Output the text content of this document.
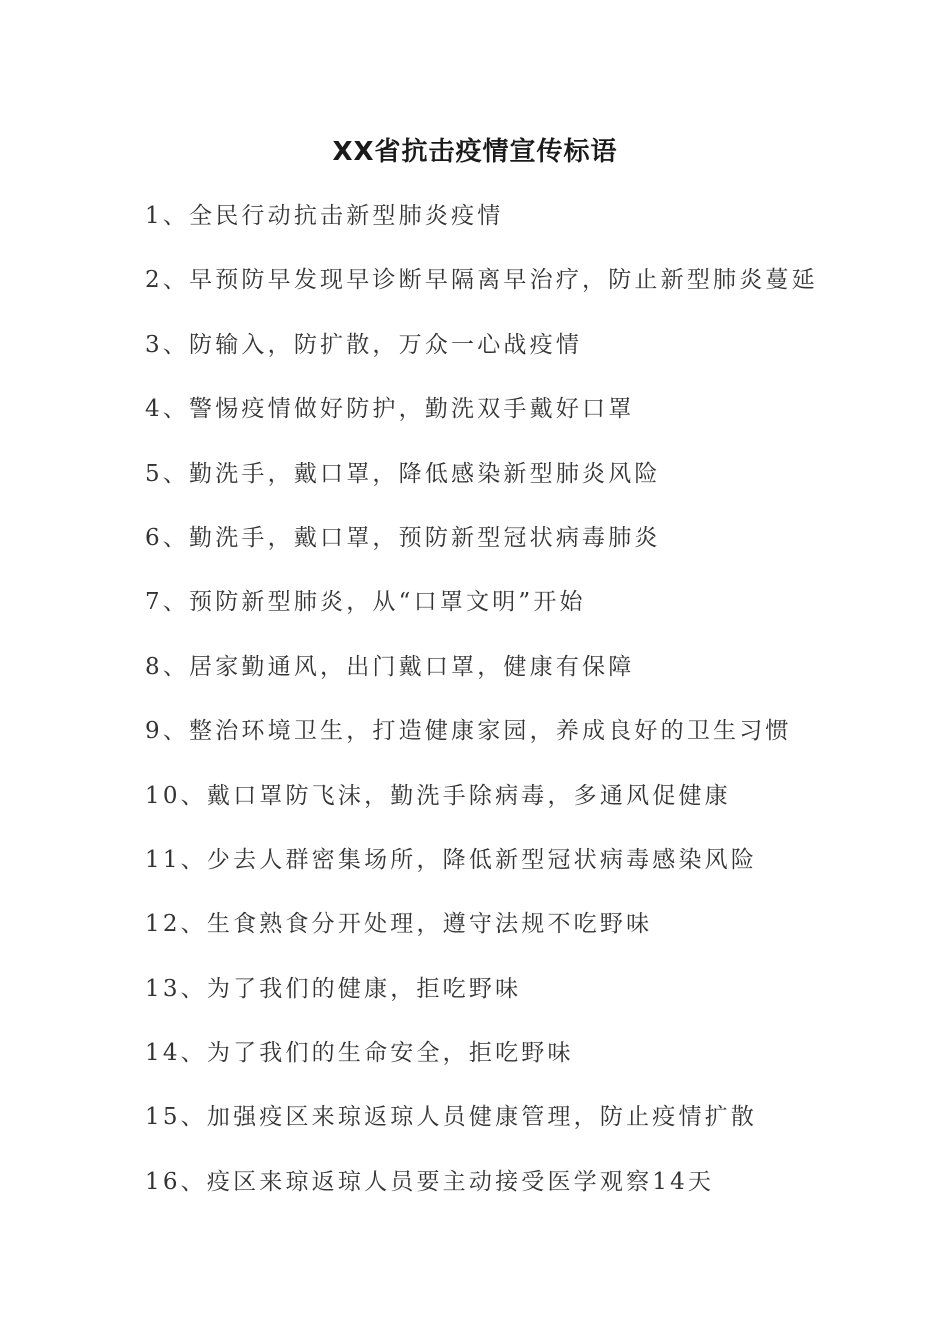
XX省抗击疫情宣传标语
1、全民行动抗击新型肺炎疫情
2、早预防早发现早诊断早隔离早治疗，防止新型肺炎蔓延
3、防输入，防扩散，万众一心战疫情
4、警惕疫情做好防护，勤洗双手戴好口罩
5、勤洗手，戴口罩，降低感染新型肺炎风险
6、勤洗手，戴口罩，预防新型冠状病毒肺炎
7、预防新型肺炎，从“口罩文明”开始
8、居家勤通风，出门戴口罩，健康有保障
9、整治环境卫生，打造健康家园，养成良好的卫生习惯
10、戴口罩防飞沫，勤洗手除病毒，多通风促健康
11、少去人群密集场所，降低新型冠状病毒感染风险
12、生食熟食分开处理，遵守法规不吃野味
13、为了我们的健康，拒吃野味
14、为了我们的生命安全，拒吃野味
15、加强疫区来琼返琼人员健康管理，防止疫情扩散
16、疫区来琼返琼人员要主动接受医学观察14天
